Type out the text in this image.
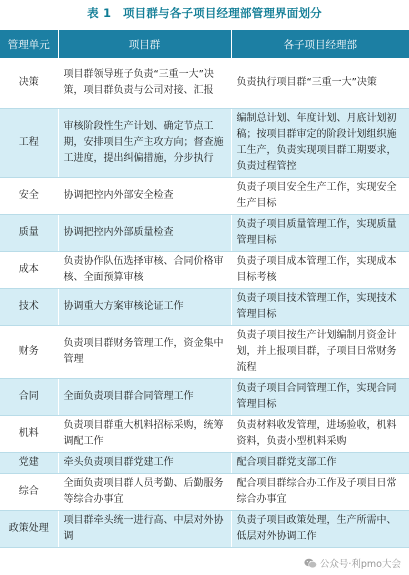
表 1　项目群与各子项目经理部管理界面划分
管理单元	项目群	各子项目经理部
决策	项目群领导班子负责“三重一大”决策，项目群负责与公司对接、汇报	负责执行项目群“三重一大”决策
工程	审核阶段性生产计划、确定节点工期，安排项目生产主攻方向；督查施工进度，提出纠偏措施，分步执行	编制总计划、年度计划、月底计划初稿；按项目群审定的阶段计划组织施工生产，负责实现项目群工期要求，负责过程管控
安全	协调把控内外部安全检查	负责子项目安全生产工作，实现安全生产目标
质量	协调把控内外部质量检查	负责子项目质量管理工作，实现质量管理目标
成本	负责协作队伍选择审核、合同价格审核、全面预算审核	负责子项目成本管理工作，实现成本目标考核
技术	协调重大方案审核论证工作	负责子项目技术管理工作，实现技术管理目标
财务	负责项目群财务管理工作，资金集中管理	负责子项目按生产计划编制月资金计划，并上报项目群，子项目日常财务流程
合同	全面负责项目群合同管理工作	负责子项目合同管理工作，实现合同管理目标
机料	负责项目群重大机料招标采购，统筹调配工作	负责材料收发管理，进场验收，机料资料，负责小型机料采购
党建	牵头负责项目群党建工作	配合项目群党支部工作
综合	全面负责项目群人员考勤、后勤服务等综合办事宜	配合项目群综合办工作及子项目日常综合办事宜
政策处理	项目群牵头统一进行高、中层对外协调	负责子项目政策处理，生产所需中、低层对外协调工作
公众号·利pmo大会
